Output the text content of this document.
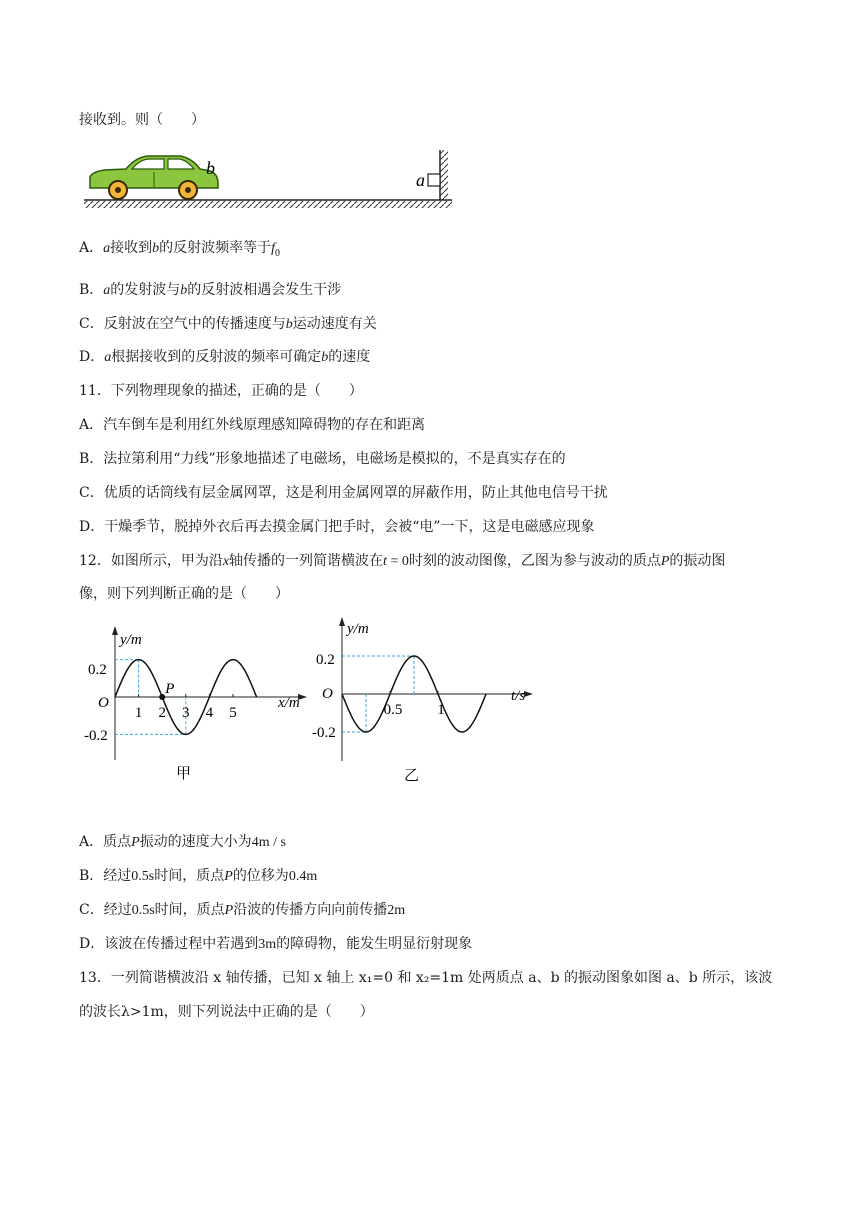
接收到。则（　　）
b
a
A．a接收到b的反射波频率等于$f_0$
B．a的发射波与b的反射波相遇会发生干涉
C．反射波在空气中的传播速度与b运动速度有关
D．a根据接收到的反射波的频率可确定b的速度
11．下列物理现象的描述，正确的是（　　）
A．汽车倒车是利用红外线原理感知障碍物的存在和距离
B．法拉第利用“力线”形象地描述了电磁场，电磁场是模拟的，不是真实存在的
C．优质的话筒线有层金属网罩，这是利用金属网罩的屏蔽作用，防止其他电信号干扰
D．干燥季节，脱掉外衣后再去摸金属门把手时，会被“电”一下，这是电磁感应现象
12．如图所示，甲为沿x轴传播的一列简谐横波在t = 0时刻的波动图像，乙图为参与波动的质点P的振动图
像，则下列判断正确的是（　　）
y/m
x/m
O
0.2
-0.2
1 2 3 4 5
P
甲
y/m
t/s
O
0.2
-0.2
0.5 1
乙
A．质点P振动的速度大小为4m / s
B．经过0.5s时间，质点P的位移为0.4m
C．经过0.5s时间，质点P沿波的传播方向向前传播2m
D．该波在传播过程中若遇到3m的障碍物，能发生明显衍射现象
13．一列简谐横波沿 x 轴传播，已知 x 轴上 x₁=0 和 x₂=1m 处两质点 a、b 的振动图象如图 a、b 所示，该波
的波长λ>1m，则下列说法中正确的是（　　）
